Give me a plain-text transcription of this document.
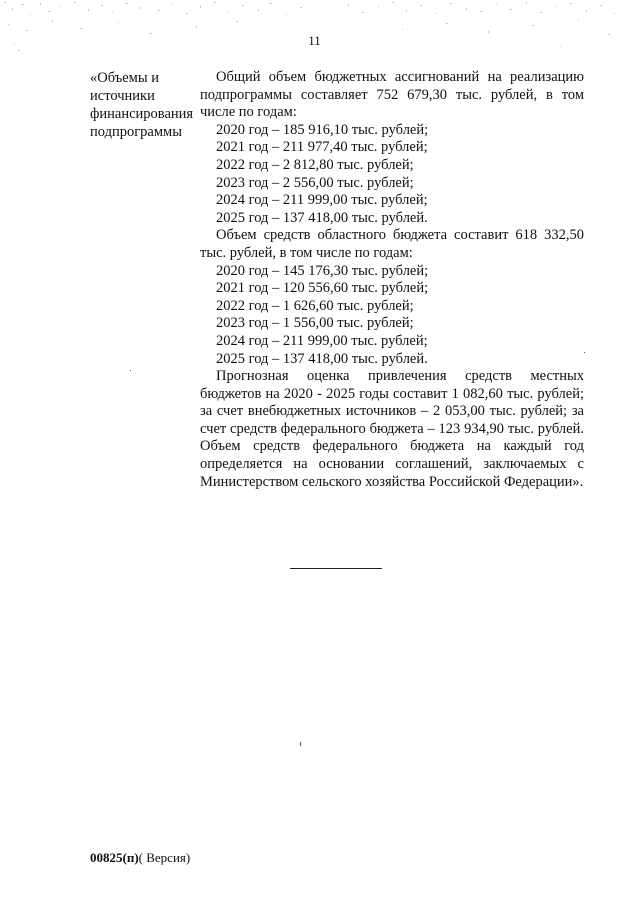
11
«Объемы и
источники
финансирования
подпрограммы
Общий объем бюджетных ассигнований на реализацию подпрограммы составляет 752 679,30 тыс. рублей, в том числе по годам:
2020 год – 185 916,10 тыс. рублей;
2021 год – 211 977,40 тыс. рублей;
2022 год – 2 812,80 тыс. рублей;
2023 год – 2 556,00 тыс. рублей;
2024 год – 211 999,00 тыс. рублей;
2025 год – 137 418,00 тыс. рублей.
Объем средств областного бюджета составит 618 332,50 тыс. рублей, в том числе по годам:
2020 год – 145 176,30 тыс. рублей;
2021 год – 120 556,60 тыс. рублей;
2022 год – 1 626,60 тыс. рублей;
2023 год – 1 556,00 тыс. рублей;
2024 год – 211 999,00 тыс. рублей;
2025 год – 137 418,00 тыс. рублей.
Прогнозная оценка привлечения средств местных бюджетов на 2020 - 2025 годы составит 1 082,60 тыс. рублей; за счет внебюджетных источников – 2 053,00 тыс. рублей; за счет средств федерального бюджета – 123 934,90 тыс. рублей. Объем средств федерального бюджета на каждый год определяется на основании соглашений, заключаемых с Министерством сельского хозяйства Российской Федерации».
00825(п)( Версия)
